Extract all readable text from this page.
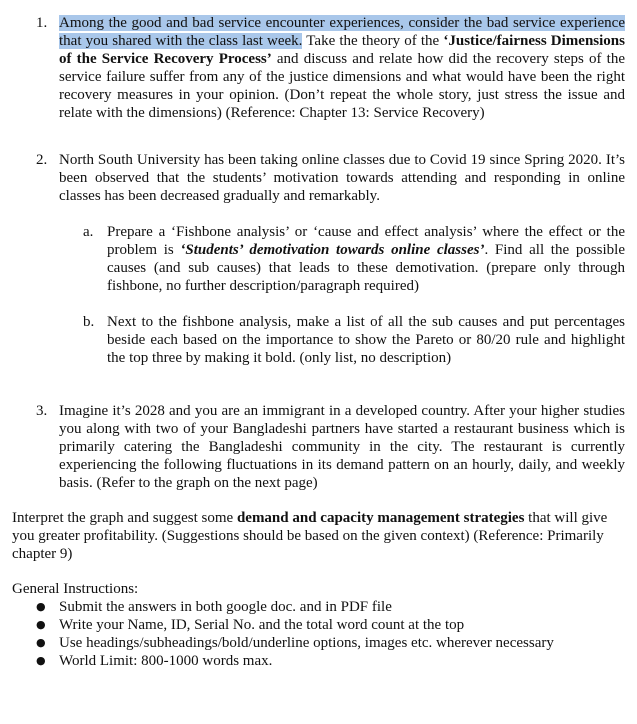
1. Among the good and bad service encounter experiences, consider the bad service experience that you shared with the class last week. Take the theory of the ‘Justice/fairness Dimensions of the Service Recovery Process’ and discuss and relate how did the recovery steps of the service failure suffer from any of the justice dimensions and what would have been the right recovery measures in your opinion. (Don’t repeat the whole story, just stress the issue and relate with the dimensions) (Reference: Chapter 13: Service Recovery)
2. North South University has been taking online classes due to Covid 19 since Spring 2020. It’s been observed that the students’ motivation towards attending and responding in online classes has been decreased gradually and remarkably.
a. Prepare a ‘Fishbone analysis’ or ‘cause and effect analysis’ where the effect or the problem is ‘Students’ demotivation towards online classes’. Find all the possible causes (and sub causes) that leads to these demotivation. (prepare only through fishbone, no further description/paragraph required)
b. Next to the fishbone analysis, make a list of all the sub causes and put percentages beside each based on the importance to show the Pareto or 80/20 rule and highlight the top three by making it bold. (only list, no description)
3. Imagine it’s 2028 and you are an immigrant in a developed country. After your higher studies you along with two of your Bangladeshi partners have started a restaurant business which is primarily catering the Bangladeshi community in the city. The restaurant is currently experiencing the following fluctuations in its demand pattern on an hourly, daily, and weekly basis. (Refer to the graph on the next page)
Interpret the graph and suggest some demand and capacity management strategies that will give you greater profitability. (Suggestions should be based on the given context) (Reference: Primarily chapter 9)
General Instructions:
● Submit the answers in both google doc. and in PDF file
● Write your Name, ID, Serial No. and the total word count at the top
● Use headings/subheadings/bold/underline options, images etc. wherever necessary
● World Limit: 800-1000 words max.
